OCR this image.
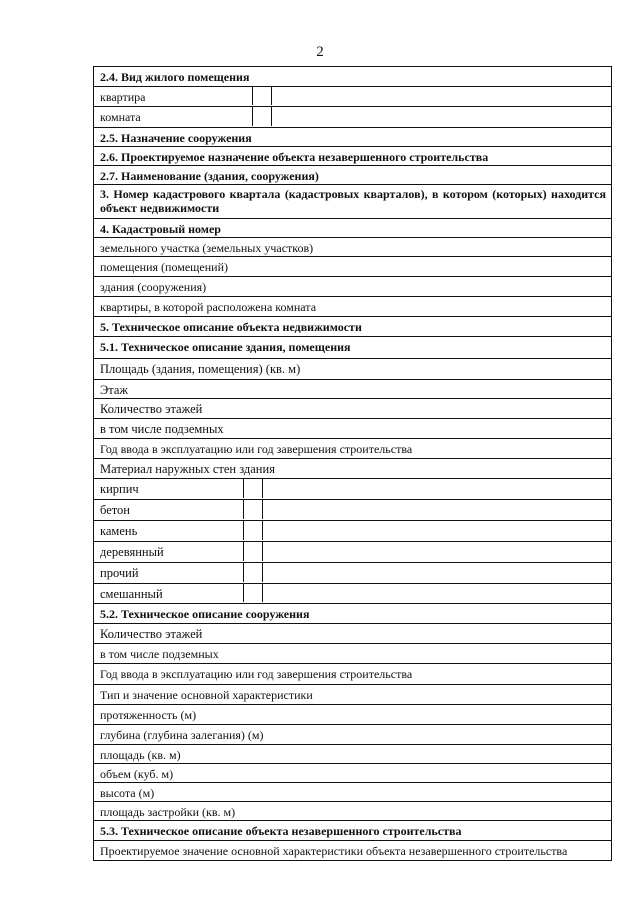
2
2.4. Вид жилого помещения
квартира
комната
2.5. Назначение сооружения
2.6. Проектируемое назначение объекта незавершенного строительства
2.7. Наименование (здания, сооружения)
3. Номер кадастрового квартала (кадастровых кварталов), в котором (которых) находится объект недвижимости
4. Кадастровый номер
земельного участка (земельных участков)
помещения (помещений)
здания (сооружения)
квартиры, в которой расположена комната
5. Техническое описание объекта недвижимости
5.1. Техническое описание здания, помещения
Площадь (здания, помещения) (кв. м)
Этаж
Количество этажей
в том числе подземных
Год ввода в эксплуатацию или год завершения строительства
Материал наружных стен здания
кирпич
бетон
камень
деревянный
прочий
смешанный
5.2. Техническое описание сооружения
Количество этажей
в том числе подземных
Год ввода в эксплуатацию или год завершения строительства
Тип и значение основной характеристики
протяженность (м)
глубина (глубина залегания) (м)
площадь (кв. м)
объем (куб. м)
высота (м)
площадь застройки (кв. м)
5.3. Техническое описание объекта незавершенного строительства
Проектируемое значение основной характеристики объекта незавершенного строительства
